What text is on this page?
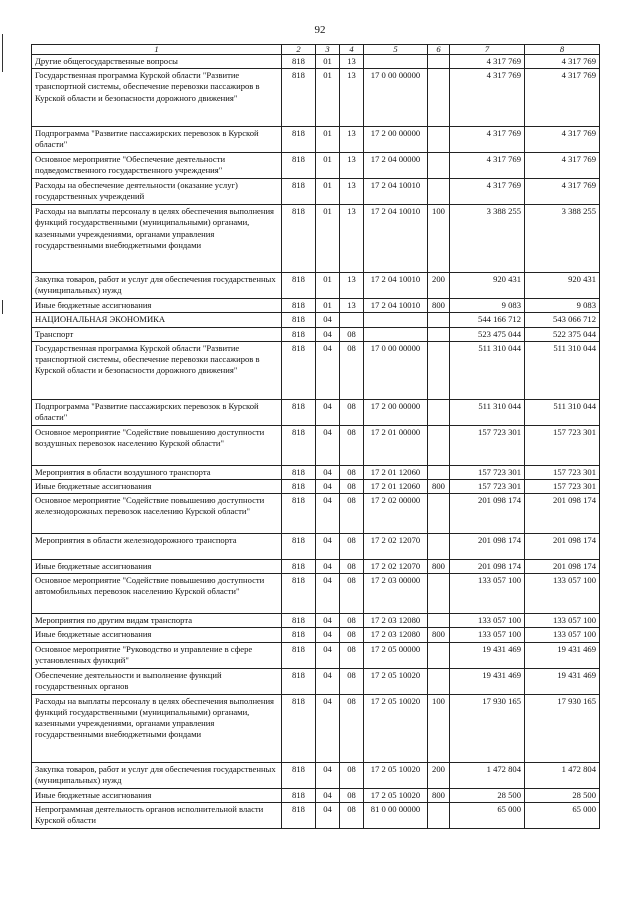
92
1	2	3	4	5	6	7	8
Другие общегосударственные вопросы	818	01	13			4 317 769	4 317 769
Государственная программа Курской области "Развитие транспортной системы, обеспечение перевозки пассажиров в Курской области и безопасности дорожного движения"	818	01	13	17 0 00 00000		4 317 769	4 317 769
Подпрограмма "Развитие пассажирских перевозок в Курской области"	818	01	13	17 2 00 00000		4 317 769	4 317 769
Основное мероприятие "Обеспечение деятельности подведомственного государственного учреждения"	818	01	13	17 2 04 00000		4 317 769	4 317 769
Расходы на обеспечение деятельности (оказание услуг) государственных учреждений	818	01	13	17 2 04 10010		4 317 769	4 317 769
Расходы на выплаты персоналу в целях обеспечения выполнения функций государственными (муниципальными) органами, казенными учреждениями, органами управления государственными внебюджетными фондами	818	01	13	17 2 04 10010	100	3 388 255	3 388 255
Закупка товаров, работ и услуг для обеспечения государственных (муниципальных) нужд	818	01	13	17 2 04 10010	200	920 431	920 431
Иные бюджетные ассигнования	818	01	13	17 2 04 10010	800	9 083	9 083
НАЦИОНАЛЬНАЯ ЭКОНОМИКА	818	04				544 166 712	543 066 712
Транспорт	818	04	08			523 475 044	522 375 044
Государственная программа Курской области "Развитие транспортной системы, обеспечение перевозки пассажиров в Курской области и безопасности дорожного движения"	818	04	08	17 0 00 00000		511 310 044	511 310 044
Подпрограмма "Развитие пассажирских перевозок в Курской области"	818	04	08	17 2 00 00000		511 310 044	511 310 044
Основное мероприятие "Содействие повышению доступности воздушных перевозок населению Курской области"	818	04	08	17 2 01 00000		157 723 301	157 723 301
Мероприятия в области воздушного транспорта	818	04	08	17 2 01 12060		157 723 301	157 723 301
Иные бюджетные ассигнования	818	04	08	17 2 01 12060	800	157 723 301	157 723 301
Основное мероприятие "Содействие повышению доступности железнодорожных перевозок населению Курской области"	818	04	08	17 2 02 00000		201 098 174	201 098 174
Мероприятия в области железнодорожного транспорта	818	04	08	17 2 02 12070		201 098 174	201 098 174
Иные бюджетные ассигнования	818	04	08	17 2 02 12070	800	201 098 174	201 098 174
Основное мероприятие "Содействие повышению доступности автомобильных перевозок населению Курской области"	818	04	08	17 2 03 00000		133 057 100	133 057 100
Мероприятия по другим видам транспорта	818	04	08	17 2 03 12080		133 057 100	133 057 100
Иные бюджетные ассигнования	818	04	08	17 2 03 12080	800	133 057 100	133 057 100
Основное мероприятие "Руководство и управление в сфере установленных функций"	818	04	08	17 2 05 00000		19 431 469	19 431 469
Обеспечение деятельности и выполнение функций государственных органов	818	04	08	17 2 05 10020		19 431 469	19 431 469
Расходы на выплаты персоналу в целях обеспечения выполнения функций государственными (муниципальными) органами, казенными учреждениями, органами управления государственными внебюджетными фондами	818	04	08	17 2 05 10020	100	17 930 165	17 930 165
Закупка товаров, работ и услуг для обеспечения государственных (муниципальных) нужд	818	04	08	17 2 05 10020	200	1 472 804	1 472 804
Иные бюджетные ассигнования	818	04	08	17 2 05 10020	800	28 500	28 500
Непрограммная деятельность органов исполнительной власти Курской области	818	04	08	81 0 00 00000		65 000	65 000
